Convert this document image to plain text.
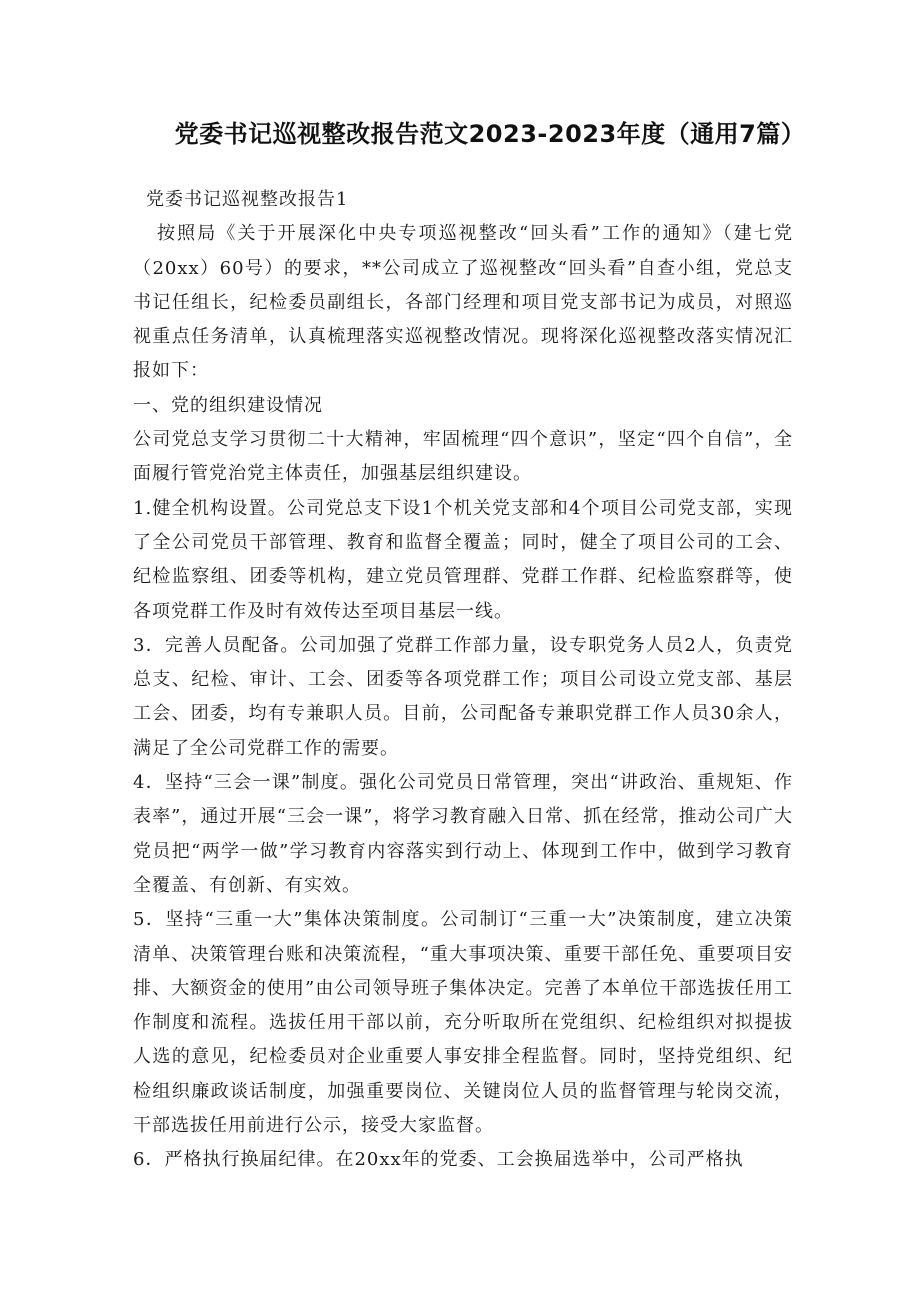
党委书记巡视整改报告范文2023-2023年度（通用7篇）

党委书记巡视整改报告1

按照局《关于开展深化中央专项巡视整改“回头看”工作的通知》（建七党（20xx）60号）的要求，**公司成立了巡视整改“回头看”自查小组，党总支书记任组长，纪检委员副组长，各部门经理和项目党支部书记为成员，对照巡视重点任务清单，认真梳理落实巡视整改情况。现将深化巡视整改落实情况汇报如下：

一、党的组织建设情况

公司党总支学习贯彻二十大精神，牢固梳理“四个意识”，坚定“四个自信”，全面履行管党治党主体责任，加强基层组织建设。

1.健全机构设置。公司党总支下设1个机关党支部和4个项目公司党支部，实现了全公司党员干部管理、教育和监督全覆盖；同时，健全了项目公司的工会、纪检监察组、团委等机构，建立党员管理群、党群工作群、纪检监察群等，使各项党群工作及时有效传达至项目基层一线。

3．完善人员配备。公司加强了党群工作部力量，设专职党务人员2人，负责党总支、纪检、审计、工会、团委等各项党群工作；项目公司设立党支部、基层工会、团委，均有专兼职人员。目前，公司配备专兼职党群工作人员30余人，满足了全公司党群工作的需要。

4．坚持“三会一课”制度。强化公司党员日常管理，突出“讲政治、重规矩、作表率”，通过开展“三会一课”，将学习教育融入日常、抓在经常，推动公司广大党员把“两学一做”学习教育内容落实到行动上、体现到工作中，做到学习教育全覆盖、有创新、有实效。

5．坚持“三重一大”集体决策制度。公司制订“三重一大”决策制度，建立决策清单、决策管理台账和决策流程，“重大事项决策、重要干部任免、重要项目安排、大额资金的使用”由公司领导班子集体决定。完善了本单位干部选拔任用工作制度和流程。选拔任用干部以前，充分听取所在党组织、纪检组织对拟提拔人选的意见，纪检委员对企业重要人事安排全程监督。同时，坚持党组织、纪检组织廉政谈话制度，加强重要岗位、关键岗位人员的监督管理与轮岗交流，干部选拔任用前进行公示，接受大家监督。

6．严格执行换届纪律。在20xx年的党委、工会换届选举中，公司严格执
